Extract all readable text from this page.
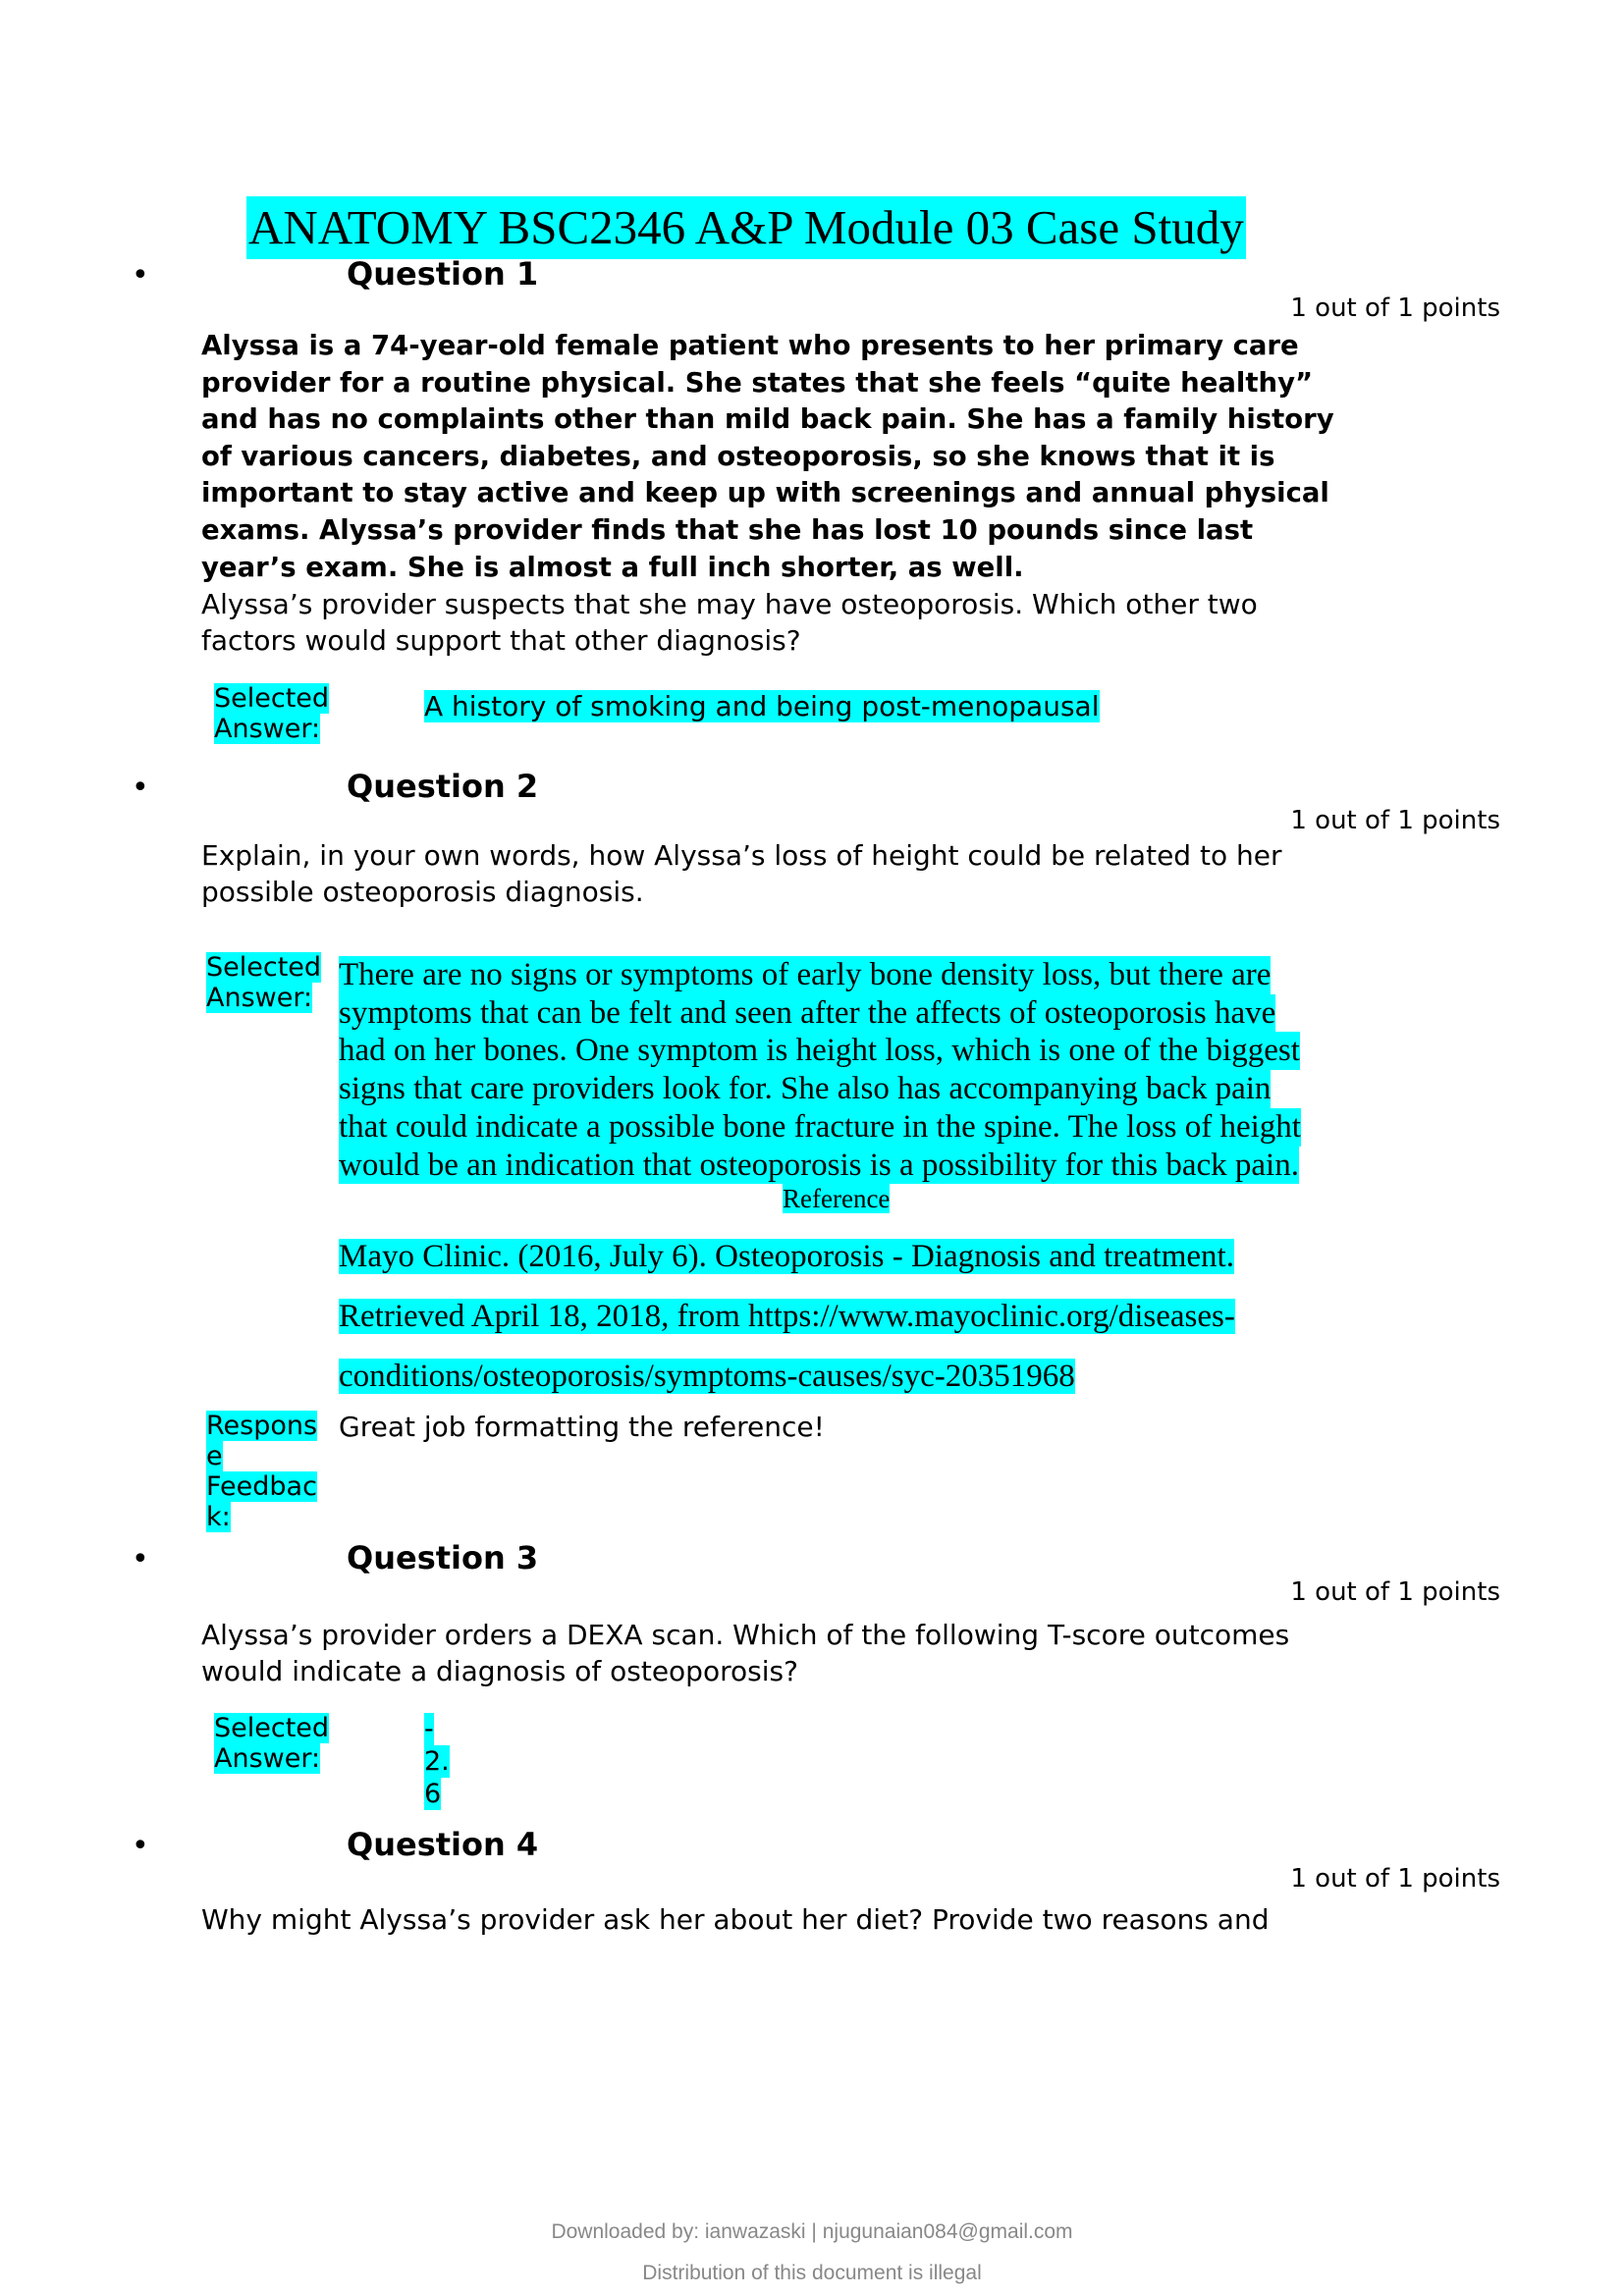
ANATOMY BSC2346 A&P Module 03 Case Study
•	Question 1
1 out of 1 points
Alyssa is a 74-year-old female patient who presents to her primary care provider for a routine physical. She states that she feels “quite healthy” and has no complaints other than mild back pain. She has a family history of various cancers, diabetes, and osteoporosis, so she knows that it is important to stay active and keep up with screenings and annual physical exams. Alyssa’s provider finds that she has lost 10 pounds since last year’s exam. She is almost a full inch shorter, as well.
Alyssa’s provider suspects that she may have osteoporosis. Which other two factors would support that other diagnosis?
Selected
Answer:
A history of smoking and being post-menopausal
•	Question 2
1 out of 1 points
Explain, in your own words, how Alyssa’s loss of height could be related to her possible osteoporosis diagnosis.
Selected
Answer:
There are no signs or symptoms of early bone density loss, but there are
symptoms that can be felt and seen after the affects of osteoporosis have
had on her bones. One symptom is height loss, which is one of the biggest
signs that care providers look for. She also has accompanying back pain
that could indicate a possible bone fracture in the spine. The loss of height
would be an indication that osteoporosis is a possibility for this back pain.
Reference
Mayo Clinic. (2016, July 6). Osteoporosis - Diagnosis and treatment.
Retrieved April 18, 2018, from https://www.mayoclinic.org/diseases-
conditions/osteoporosis/symptoms-causes/syc-20351968
Respons
e
Feedbac
k:
Great job formatting the reference!
•	Question 3
1 out of 1 points
Alyssa’s provider orders a DEXA scan. Which of the following T-score outcomes would indicate a diagnosis of osteoporosis?
Selected
Answer:
-
2.
6
•	Question 4
1 out of 1 points
Why might Alyssa’s provider ask her about her diet? Provide two reasons and
Downloaded by: ianwazaski | njugunaian084@gmail.com
Distribution of this document is illegal
